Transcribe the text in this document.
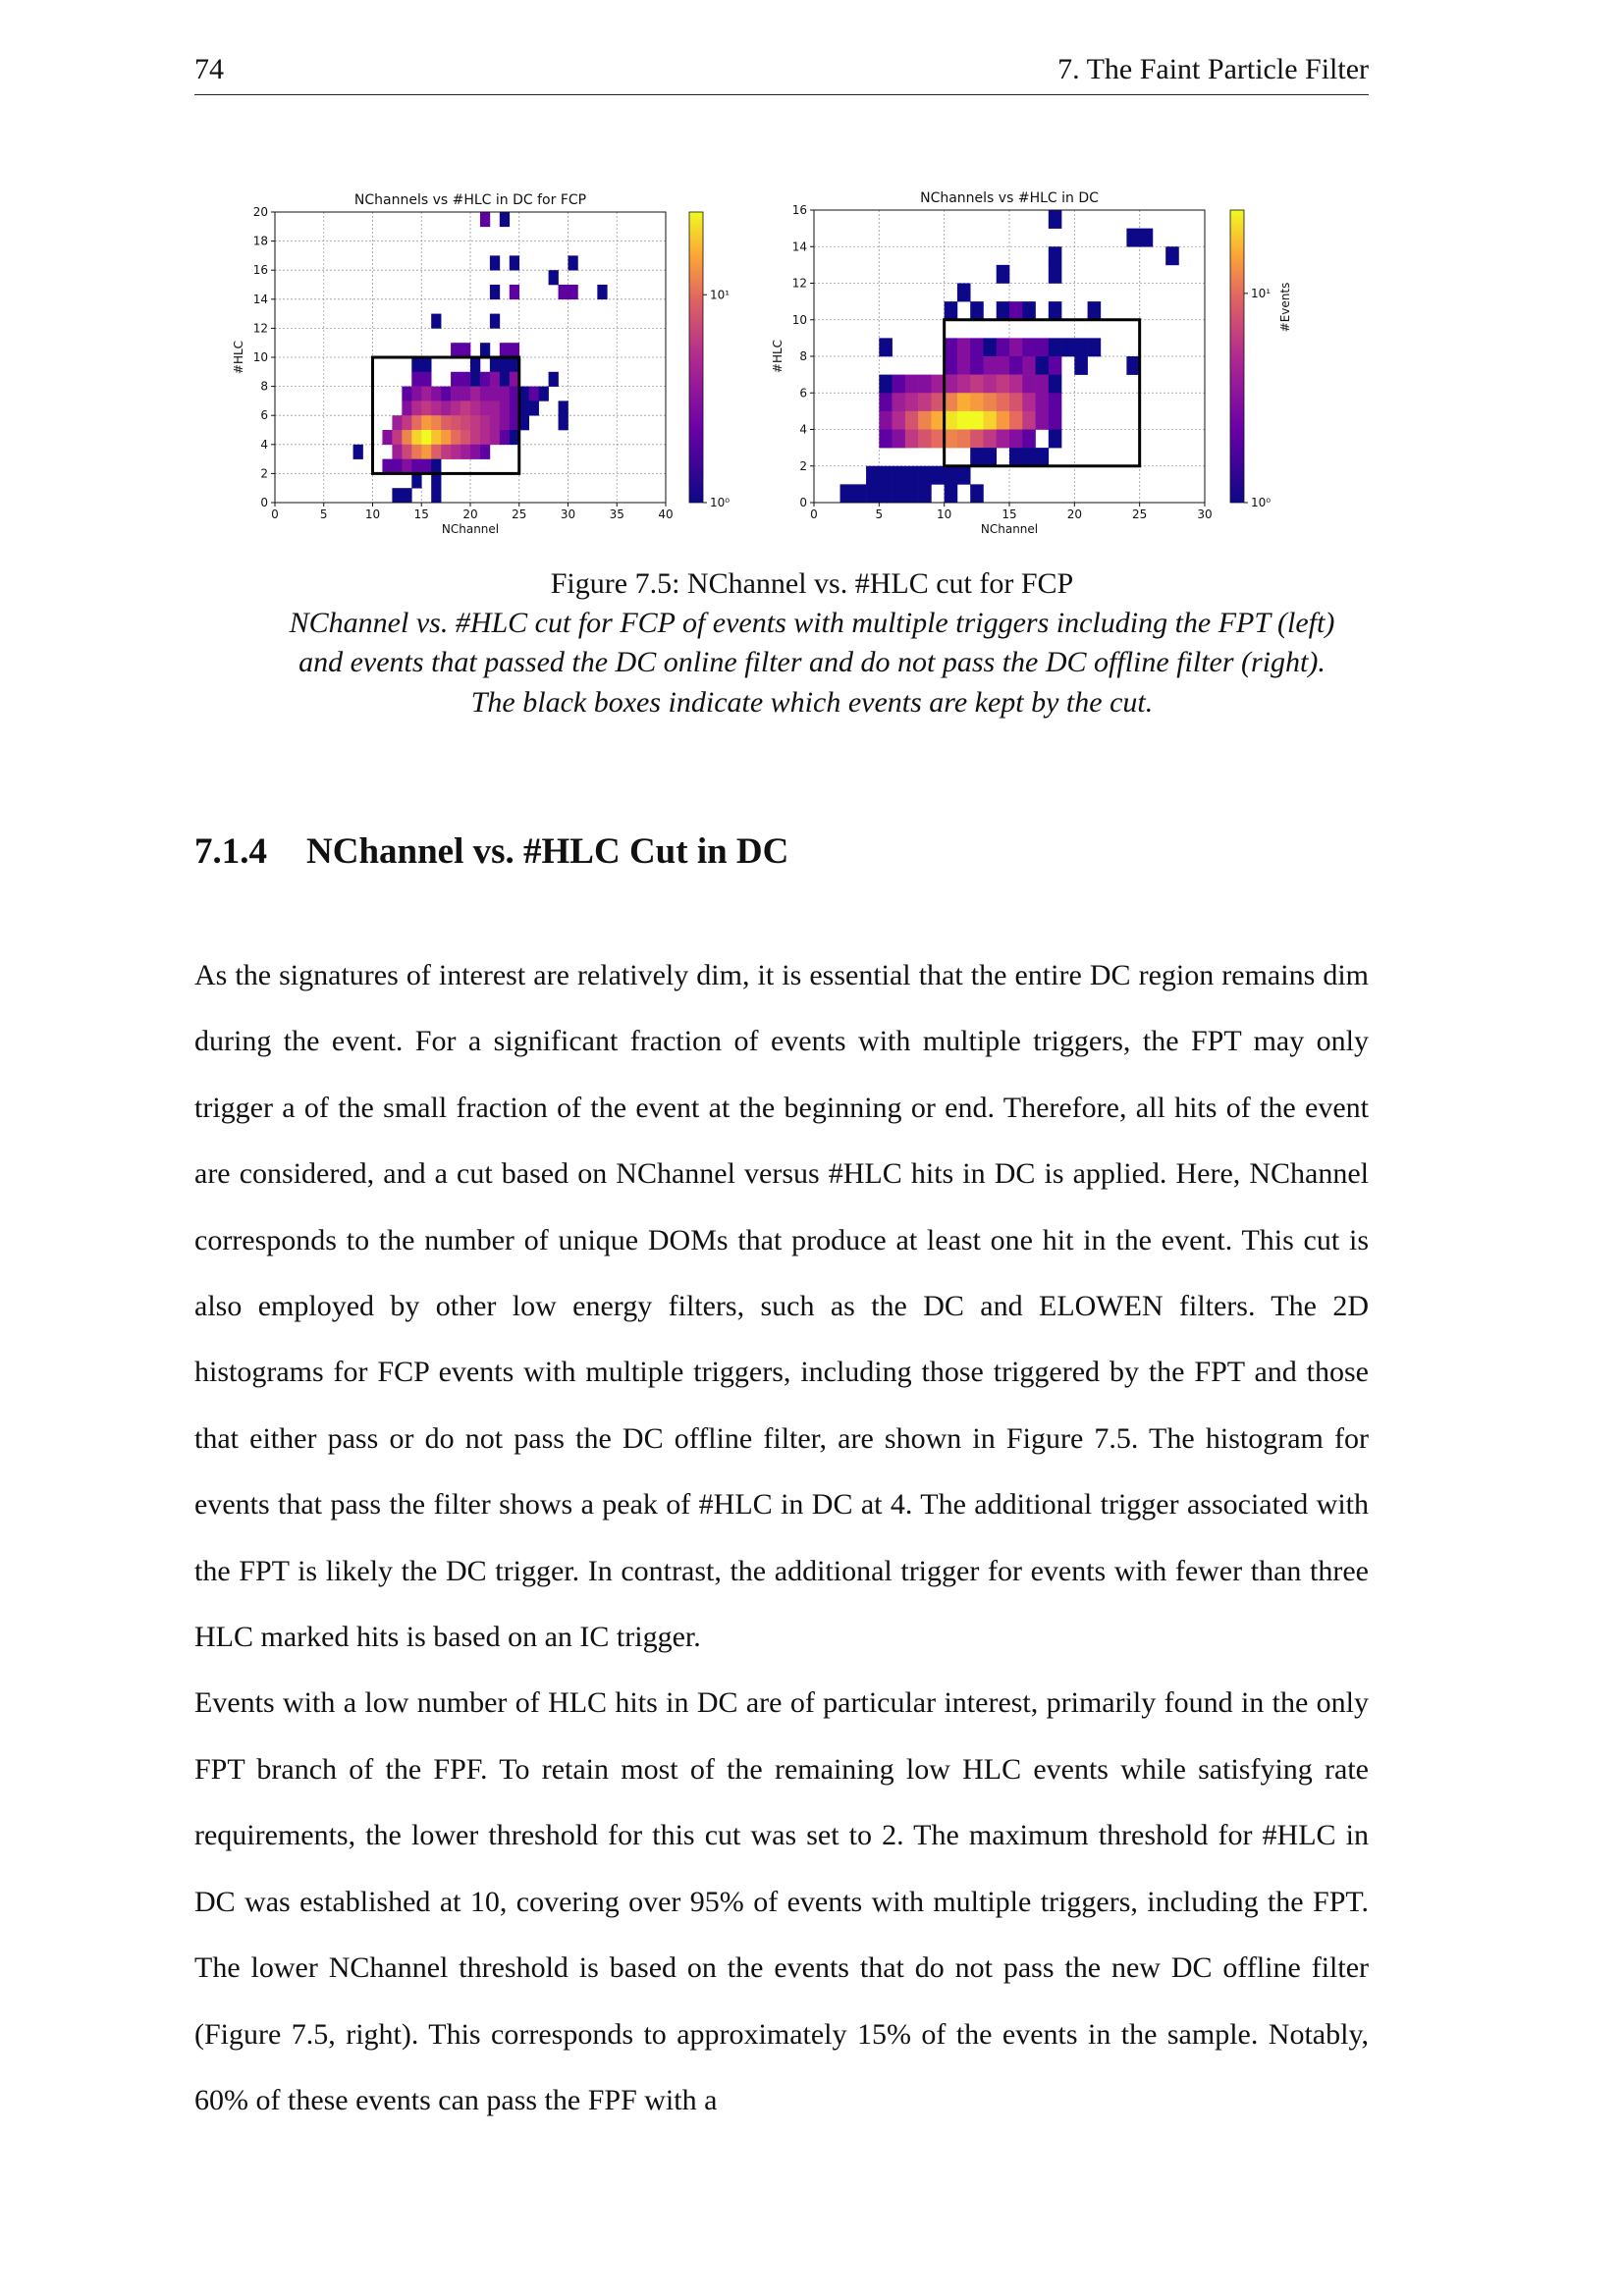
74	7. The Faint Particle Filter
NChannels vs #HLC in DC for FCP
0	5	10	15	20	25	30	35	40
0
2
4
6
8
10
12
14
16
18
20
NChannel
#HLC
10⁰
10¹
NChannels vs #HLC in DC
0	5	10	15	20	25	30
0
2
4
6
8
10
12
14
16
NChannel
#HLC
10⁰
10¹ #Events
Figure 7.5: NChannel vs. #HLC cut for FCP
NChannel vs. #HLC cut for FCP of events with multiple triggers including the FPT (left)
and events that passed the DC online filter and do not pass the DC offline filter (right).
The black boxes indicate which events are kept by the cut.
7.1.4 NChannel vs. #HLC Cut in DC

As the signatures of interest are relatively dim, it is essential that the entire DC region remains dim during the event. For a significant fraction of events with multiple triggers, the FPT may only trigger a of the small fraction of the event at the beginning or end. Therefore, all hits of the event are considered, and a cut based on NChannel versus #HLC hits in DC is applied. Here, NChannel corresponds to the number of unique DOMs that produce at least one hit in the event. This cut is also employed by other low energy filters, such as the DC and ELOWEN filters. The 2D histograms for FCP events with multiple triggers, including those triggered by the FPT and those that either pass or do not pass the DC offline filter, are shown in Figure 7.5. The histogram for events that pass the filter shows a peak of #HLC in DC at 4. The additional trigger associated with the FPT is likely the DC trigger. In contrast, the additional trigger for events with fewer than three HLC marked hits is based on an IC trigger.

Events with a low number of HLC hits in DC are of particular interest, primarily found in the only FPT branch of the FPF. To retain most of the remaining low HLC events while satisfying rate requirements, the lower threshold for this cut was set to 2. The maximum threshold for #HLC in DC was established at 10, covering over 95% of events with multiple triggers, including the FPT. The lower NChannel threshold is based on the events that do not pass the new DC offline filter (Figure 7.5, right). This corresponds to approximately 15% of the events in the sample. Notably, 60% of these events can pass the FPF with a
